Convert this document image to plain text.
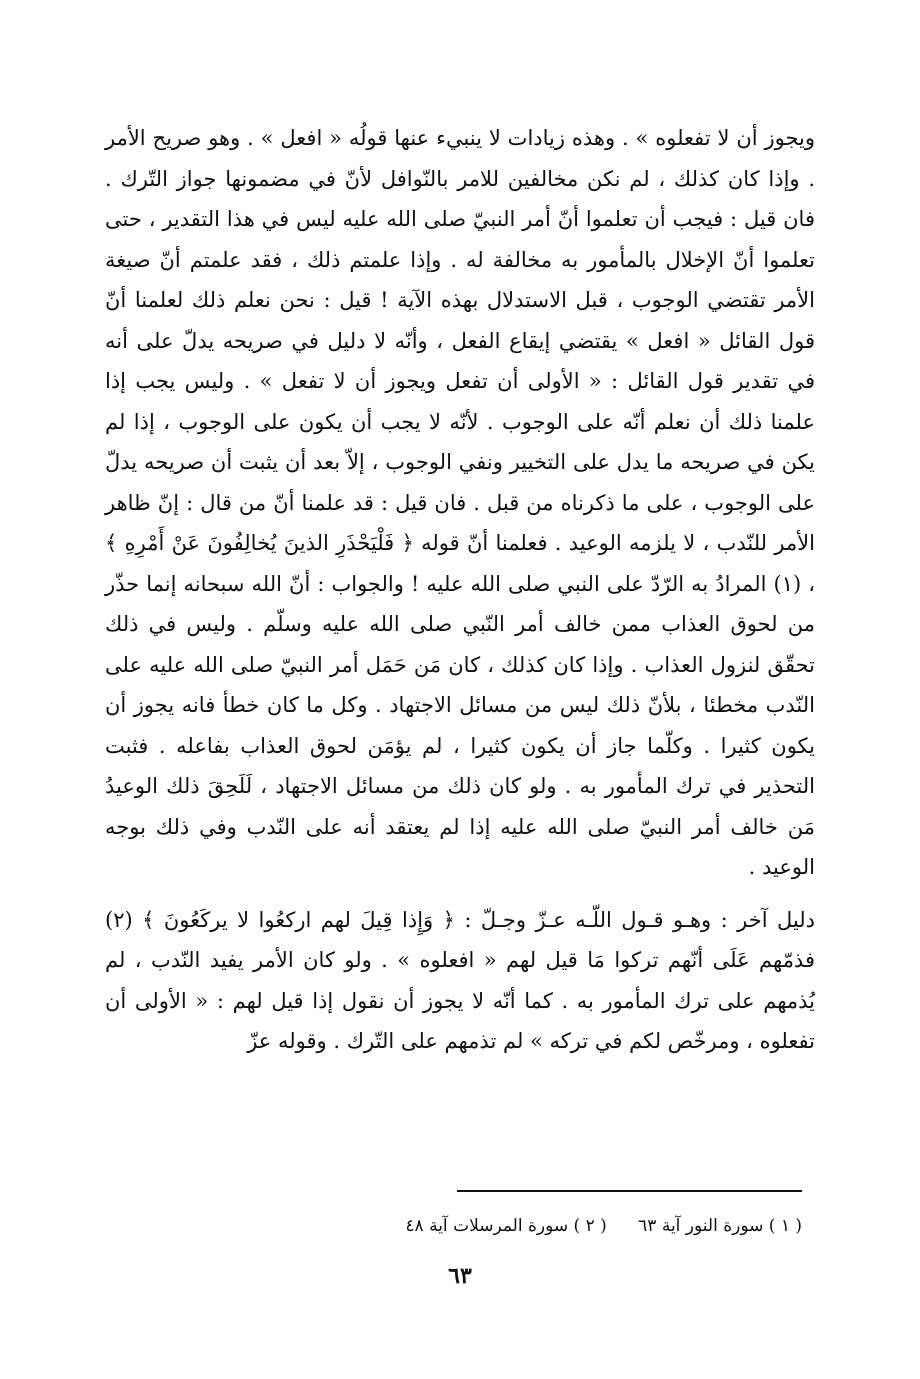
ويجوز أن لا تفعلوه » . وهذه زيادات لا ينبيء عنها قولُه « افعل » . وهو صريح الأمر . وإذا كان كذلك ، لم نكن مخالفين للامر بالنّوافل لأنّ في مضمونها جواز التّرك . فان قيل : فيجب أن تعلموا أنّ أمر النبيّ صلى الله عليه ليس في هذا التقدير ، حتى تعلموا أنّ الإخلال بالمأمور به مخالفة له . وإذا علمتم ذلك ، فقد علمتم أنّ صيغة الأمر تقتضي الوجوب ، قبل الاستدلال بهذه الآية ! قيل : نحن نعلم ذلك لعلمنا أنّ قول القائل « افعل » يقتضي إيقاع الفعل ، وأنّه لا دليل في صريحه يدلّ على أنه في تقدير قول القائل : « الأولى أن تفعل ويجوز أن لا تفعل » . وليس يجب إذا علمنا ذلك أن نعلم أنّه على الوجوب . لأنّه لا يجب أن يكون على الوجوب ، إذا لم يكن في صريحه ما يدل على التخيير ونفي الوجوب ، إلاّ بعد أن يثبت أن صريحه يدلّ على الوجوب ، على ما ذكرناه من قبل . فان قيل : قد علمنا أنّ من قال : إنّ ظاهر الأمر للنّدب ، لا يلزمه الوعيد . فعلمنا أنّ قوله ﴿ فَلْيَحْذَرِ الذينَ يُخالِفُونَ عَنْ أَمْرِهِ ﴾ ، (١) المرادُ به الرّدّ على النبي صلى الله عليه ! والجواب : أنّ الله سبحانه إنما حذّر من لحوق العذاب ممن خالف أمر النّبي صلى الله عليه وسلّم . وليس في ذلك تحقّق لنزول العذاب . وإذا كان كذلك ، كان مَن حَمَل أمر النبيّ صلى الله عليه على النّدب مخطئا ، بلأنّ ذلك ليس من مسائل الاجتهاد . وكل ما كان خطأ فانه يجوز أن يكون كثيرا . وكلّما جاز أن يكون كثيرا ، لم يؤمَن لحوق العذاب بفاعله . فثبت التحذير في ترك المأمور به . ولو كان ذلك من مسائل الاجتهاد ، لَلَحِقَ ذلك الوعيدُ مَن خالف أمر النبيّ صلى الله عليه إذا لم يعتقد أنه على النّدب وفي ذلك بوجه الوعيد .

دليل آخر : وهـو قـول اللّـه عـزّ وجـلّ : ﴿ وَإِذا قِيلَ لهم اركعُوا لا يركَعُونَ ﴾ (٢) فذمّهم عَلَى أنّهم تركوا مَا قيل لهم « افعلوه » . ولو كان الأمر يفيد النّدب ، لم يُذمهم على ترك المأمور به . كما أنّه لا يجوز أن نقول إذا قيل لهم : « الأولى أن تفعلوه ، ومرخّص لكم في تركه » لم تذمهم على التّرك . وقوله عزّ

( ١ ) سورة النور آية ٦٣ ( ٢ ) سورة المرسلات آية ٤٨
٦٣
